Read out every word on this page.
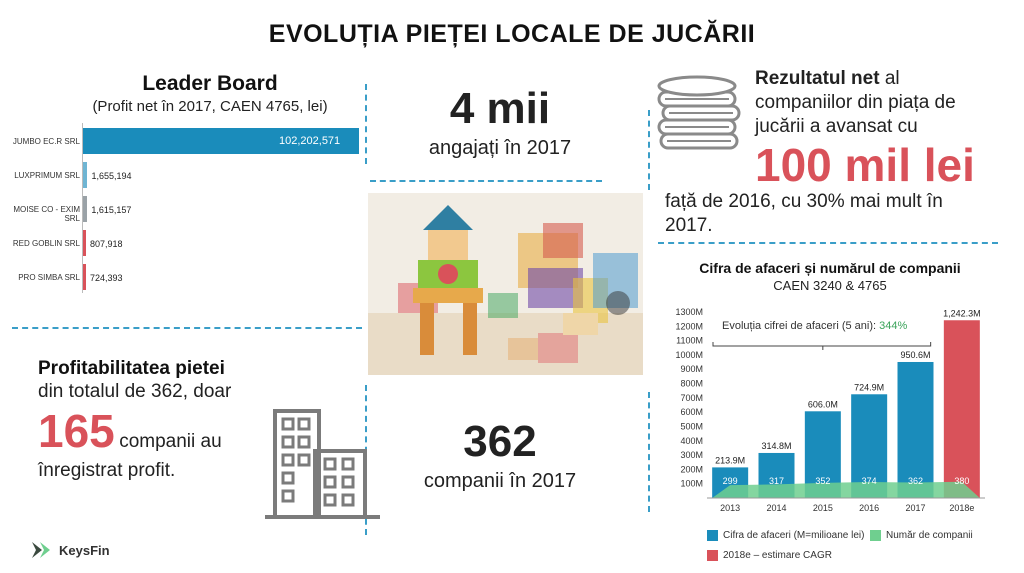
EVOLUȚIA PIEȚEI LOCALE DE JUCĂRII
Leader Board
(Profit net în 2017, CAEN 4765, lei)
JUMBO EC.R SRL	102,202,571
LUXPRIMUM SRL 1,655,194
MOISE CO - EXIM SRL
1,615,157
RED GOBLIN SRL 807,918
PRO SIMBA SRL 724,393
4 mii
angajați în 2017
362
companii în 2017
Profitabilitatea pietei
din totalul de 362, doar
165 companii au
înregistrat profit.
Rezultatul net al
companiilor din piața de
jucării a avansat cu
100 mil lei
față de 2016, cu 30% mai mult în
2017.
Cifra de afaceri și numărul de companii
CAEN 3240 & 4765
100M
200M
300M
400M
500M
600M
700M
800M
900M
1000M
1100M
1200M
1300M
213.9M
2013
314.8M
2014
606.0M
2015
724.9M
2016
950.6M
2017
1,242.3M
2018e
299	317	352	374	362	380
Evoluția cifrei de afaceri (5 ani): 344%
Cifra de afaceri (M=milioane lei) Număr de companii
2018e – estimare CAGR
KeysFin
